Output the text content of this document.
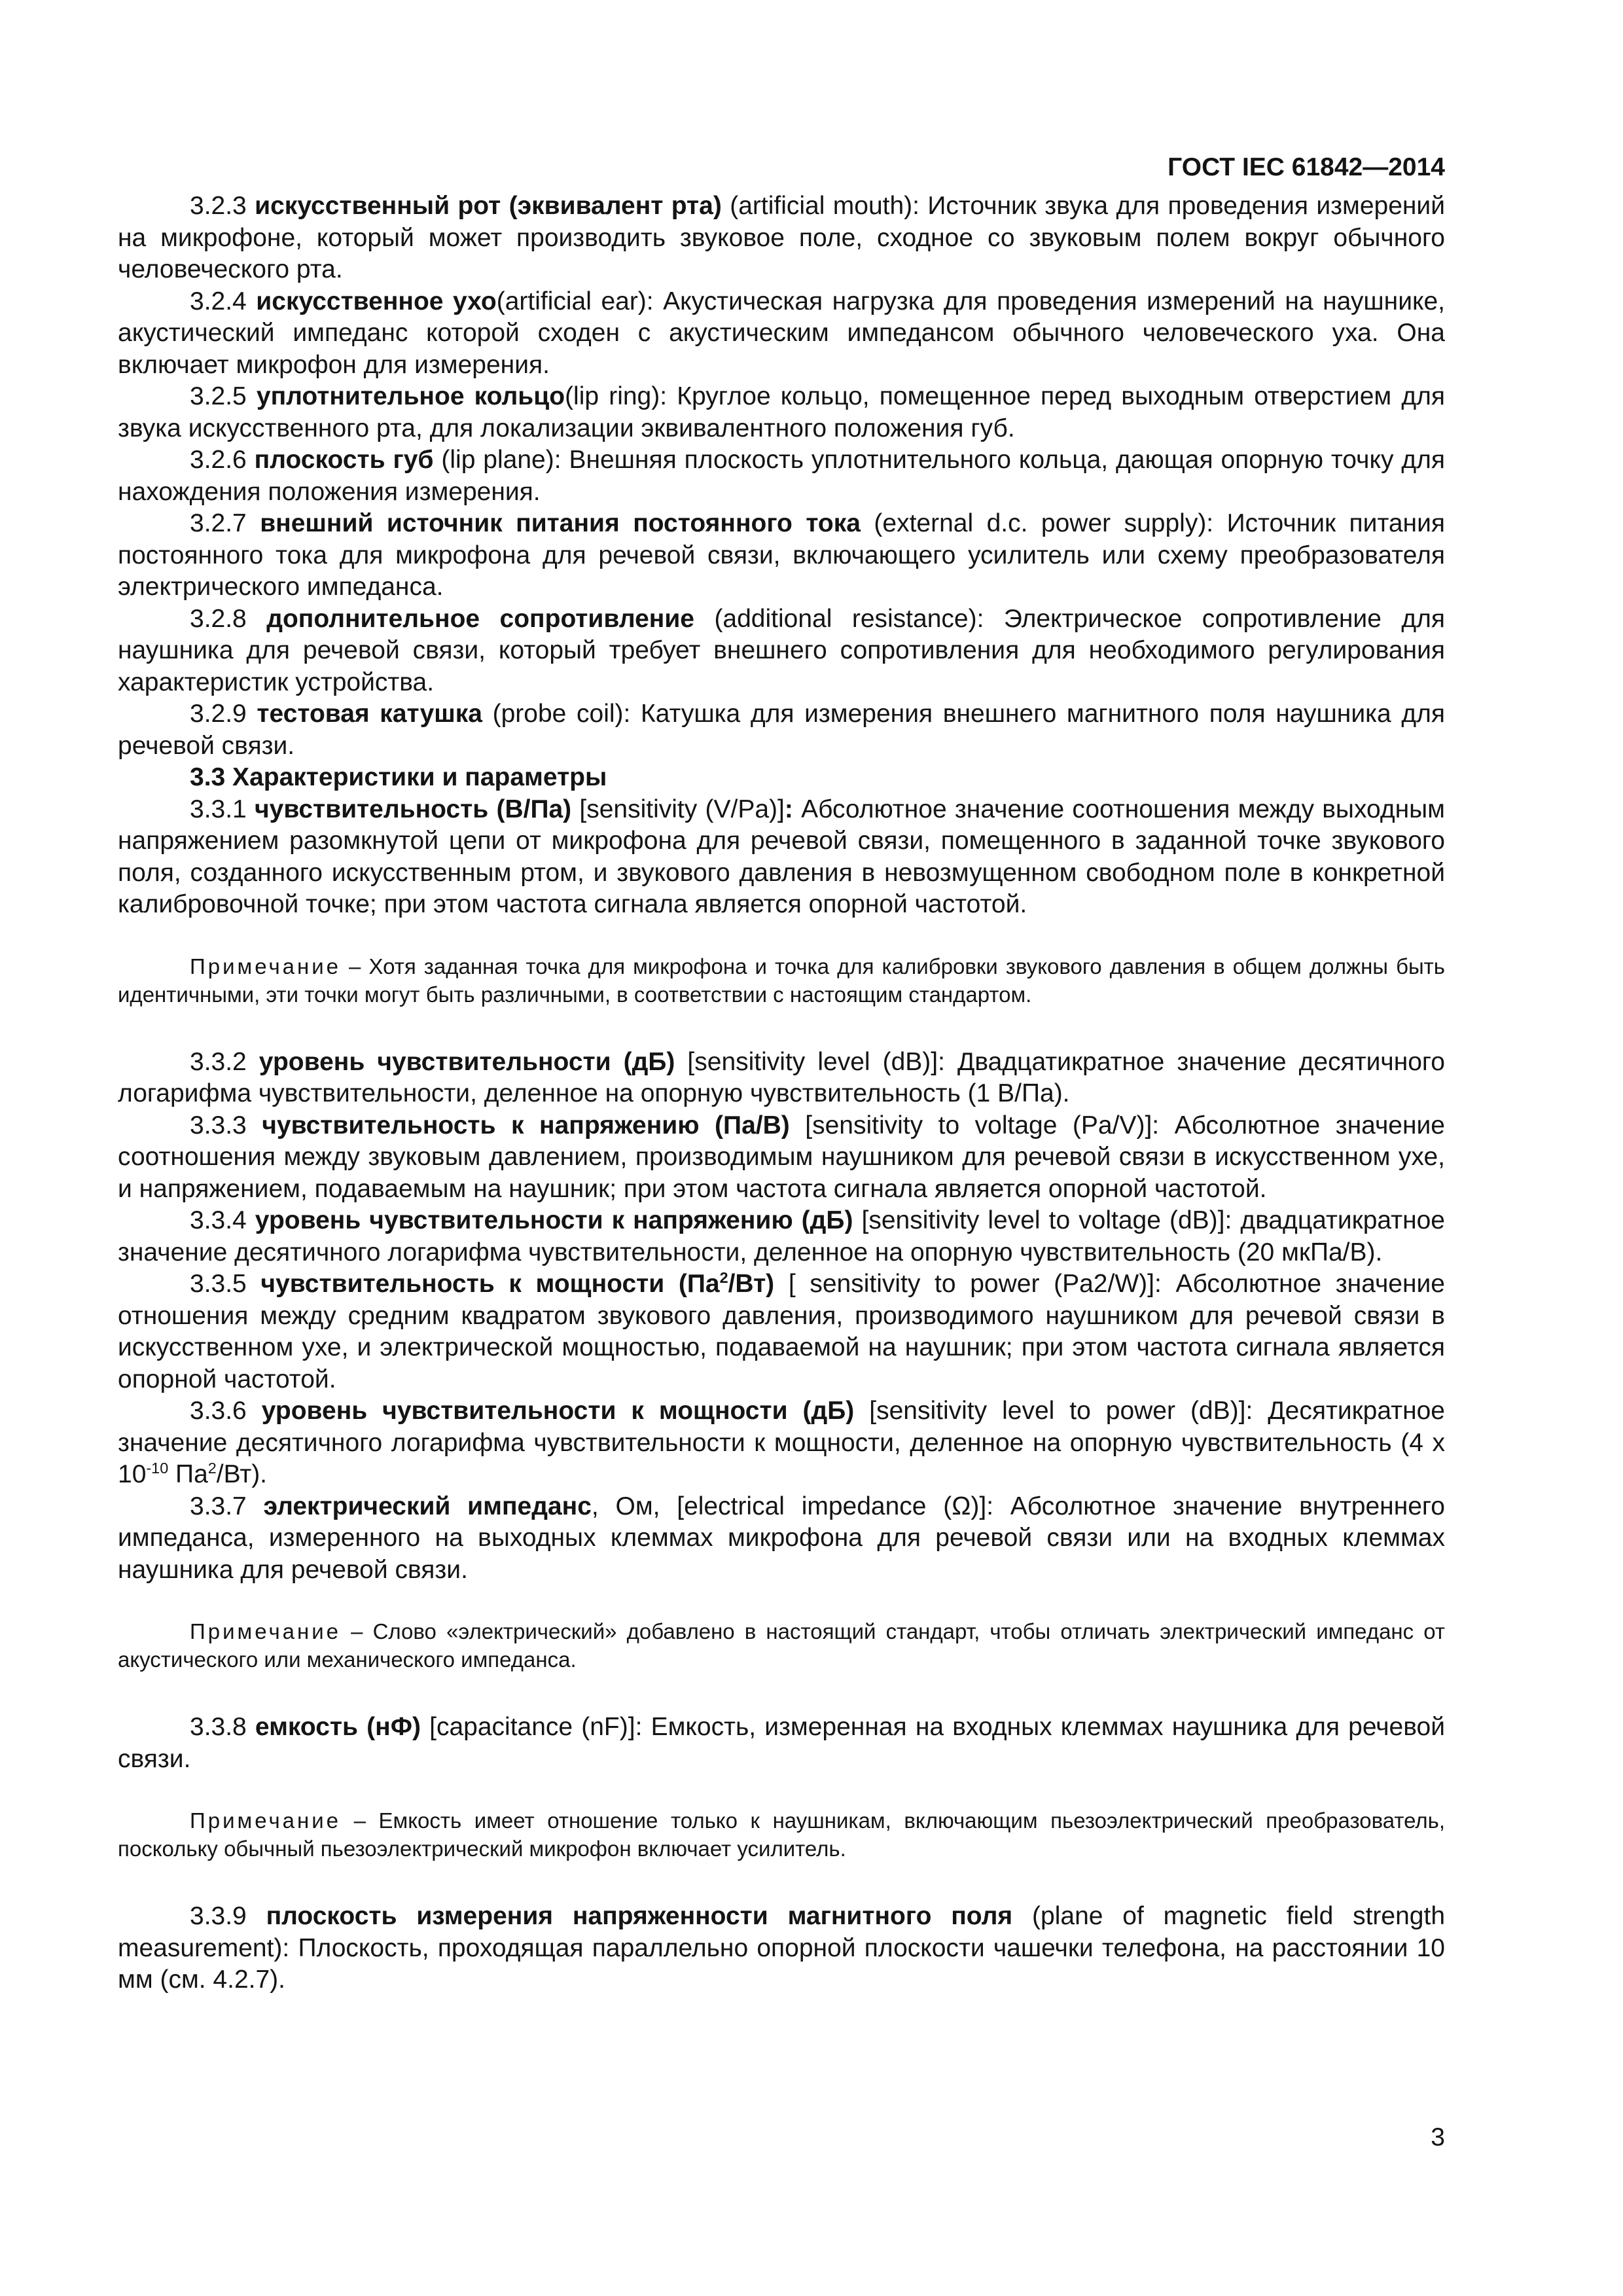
ГОСТ IEC 61842—2014

3.2.3 искусственный рот (эквивалент рта) (artificial mouth): Источник звука для проведения измерений на микрофоне, который может производить звуковое поле, сходное со звуковым полем вокруг обычного человеческого рта.

3.2.4 искусственное ухо(artificial ear): Акустическая нагрузка для проведения измерений на наушнике, акустический импеданс которой сходен с акустическим импедансом обычного человеческого уха. Она включает микрофон для измерения.

3.2.5 уплотнительное кольцо(lip ring): Круглое кольцо, помещенное перед выходным отверстием для звука искусственного рта, для локализации эквивалентного положения губ.

3.2.6 плоскость губ (lip plane): Внешняя плоскость уплотнительного кольца, дающая опорную точку для нахождения положения измерения.

3.2.7 внешний источник питания постоянного тока (external d.c. power supply): Источник питания постоянного тока для микрофона для речевой связи, включающего усилитель или схему преобразователя электрического импеданса.

3.2.8 дополнительное сопротивление (additional resistance): Электрическое сопротивление для наушника для речевой связи, который требует внешнего сопротивления для необходимого регулирования характеристик устройства.

3.2.9 тестовая катушка (probe coil): Катушка для измерения внешнего магнитного поля наушника для речевой связи.

3.3 Характеристики и параметры

3.3.1 чувствительность (В/Па) [sensitivity (V/Pa)]: Абсолютное значение соотношения между выходным напряжением разомкнутой цепи от микрофона для речевой связи, помещенного в заданной точке звукового поля, созданного искусственным ртом, и звукового давления в невозмущенном свободном поле в конкретной калибровочной точке; при этом частота сигнала является опорной частотой.

Примечание – Хотя заданная точка для микрофона и точка для калибровки звукового давления в общем должны быть идентичными, эти точки могут быть различными, в соответствии с настоящим стандартом.

3.3.2 уровень чувствительности (дБ) [sensitivity level (dB)]: Двадцатикратное значение десятичного логарифма чувствительности, деленное на опорную чувствительность (1 В/Па).

3.3.3 чувствительность к напряжению (Па/В) [sensitivity to voltage (Pa/V)]: Абсолютное значение соотношения между звуковым давлением, производимым наушником для речевой связи в искусственном ухе, и напряжением, подаваемым на наушник; при этом частота сигнала является опорной частотой.

3.3.4 уровень чувствительности к напряжению (дБ) [sensitivity level to voltage (dB)]: двадцатикратное значение десятичного логарифма чувствительности, деленное на опорную чувствительность (20 мкПа/В).

3.3.5 чувствительность к мощности $(Па^2/Вт)$ [ sensitivity to power (Pa2/W)]: Абсолютное значение отношения между средним квадратом звукового давления, производимого наушником для речевой связи в искусственном ухе, и электрической мощностью, подаваемой на наушник; при этом частота сигнала является опорной частотой.

3.3.6 уровень чувствительности к мощности (дБ) [sensitivity level to power (dB)]: Десятикратное значение десятичного логарифма чувствительности к мощности, деленное на опорную чувствительность (4 x $10^{-10}$ $Па^2/Вт$).

3.3.7 электрический импеданс, Ом, [electrical impedance (Ω)]: Абсолютное значение внутреннего импеданса, измеренного на выходных клеммах микрофона для речевой связи или на входных клеммах наушника для речевой связи.

Примечание – Слово «электрический» добавлено в настоящий стандарт, чтобы отличать электрический импеданс от акустического или механического импеданса.

3.3.8 емкость (нФ) [capacitance (nF)]: Емкость, измеренная на входных клеммах наушника для речевой связи.

Примечание – Емкость имеет отношение только к наушникам, включающим пьезоэлектрический преобразователь, поскольку обычный пьезоэлектрический микрофон включает усилитель.

3.3.9 плоскость измерения напряженности магнитного поля (plane of magnetic field strength measurement): Плоскость, проходящая параллельно опорной плоскости чашечки телефона, на расстоянии 10 мм (см. 4.2.7).

3
